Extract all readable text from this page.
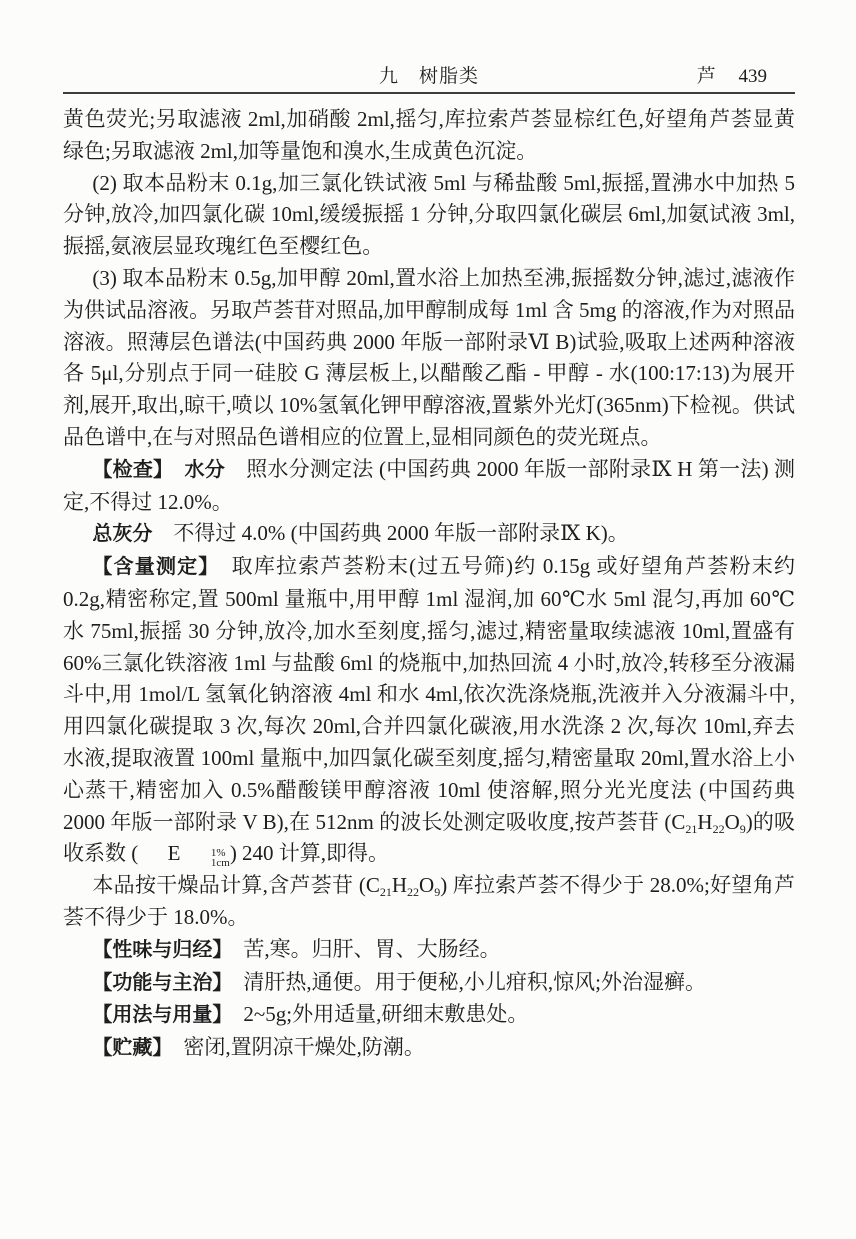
九　树脂类	芦 439

黄色荧光;另取滤液 2ml,加硝酸 2ml,摇匀,库拉索芦荟显棕红色,好望角芦荟显黄绿色;另取滤液 2ml,加等量饱和溴水,生成黄色沉淀。

(2) 取本品粉末 0.1g,加三氯化铁试液 5ml 与稀盐酸 5ml,振摇,置沸水中加热 5 分钟,放冷,加四氯化碳 10ml,缓缓振摇 1 分钟,分取四氯化碳层 6ml,加氨试液 3ml,振摇,氨液层显玫瑰红色至樱红色。

(3) 取本品粉末 0.5g,加甲醇 20ml,置水浴上加热至沸,振摇数分钟,滤过,滤液作为供试品溶液。另取芦荟苷对照品,加甲醇制成每 1ml 含 5mg 的溶液,作为对照品溶液。照薄层色谱法(中国药典 2000 年版一部附录Ⅵ B)试验,吸取上述两种溶液各 5μl,分别点于同一硅胶 G 薄层板上,以醋酸乙酯 - 甲醇 - 水(100:17:13)为展开剂,展开,取出,晾干,喷以 10%氢氧化钾甲醇溶液,置紫外光灯(365nm)下检视。供试品色谱中,在与对照品色谱相应的位置上,显相同颜色的荧光斑点。

【检查】　 水分　照水分测定法 (中国药典 2000 年版一部附录Ⅸ H 第一法) 测定,不得过 12.0%。

总灰分　不得过 4.0% (中国药典 2000 年版一部附录Ⅸ K)。

【含量测定】　取库拉索芦荟粉末(过五号筛)约 0.15g 或好望角芦荟粉末约 0.2g,精密称定,置 500ml 量瓶中,用甲醇 1ml 湿润,加 60℃水 5ml 混匀,再加 60℃水 75ml,振摇 30 分钟,放冷,加水至刻度,摇匀,滤过,精密量取续滤液 10ml,置盛有 60%三氯化铁溶液 1ml 与盐酸 6ml 的烧瓶中,加热回流 4 小时,放冷,转移至分液漏斗中,用 1mol/L 氢氧化钠溶液 4ml 和水 4ml,依次洗涤烧瓶,洗液并入分液漏斗中,用四氯化碳提取 3 次,每次 20ml,合并四氯化碳液,用水洗涤 2 次,每次 10ml,弃去水液,提取液置 100ml 量瓶中,加四氯化碳至刻度,摇匀,精密量取 20ml,置水浴上小心蒸干,精密加入 0.5%醋酸镁甲醇溶液 10ml 使溶解,照分光光度法 (中国药典 2000 年版一部附录 V B),在 512nm 的波长处测定吸收度,按芦荟苷 $(C_{21}H_{22}O_9)$的吸收系数 ( E	1%
1cm ) 240 计算,即得。

本品按干燥品计算,含芦荟苷 $(C_{21}H_{22}O_9)$ 库拉索芦荟不得少于 28.0%;好望角芦荟不得少于 18.0%。

【性味与归经】　苦,寒。归肝、胃、大肠经。

【功能与主治】　清肝热,通便。用于便秘,小儿疳积,惊风;外治湿癣。

【用法与用量】　2~5g;外用适量,研细末敷患处。

【贮藏】　密闭,置阴凉干燥处,防潮。
